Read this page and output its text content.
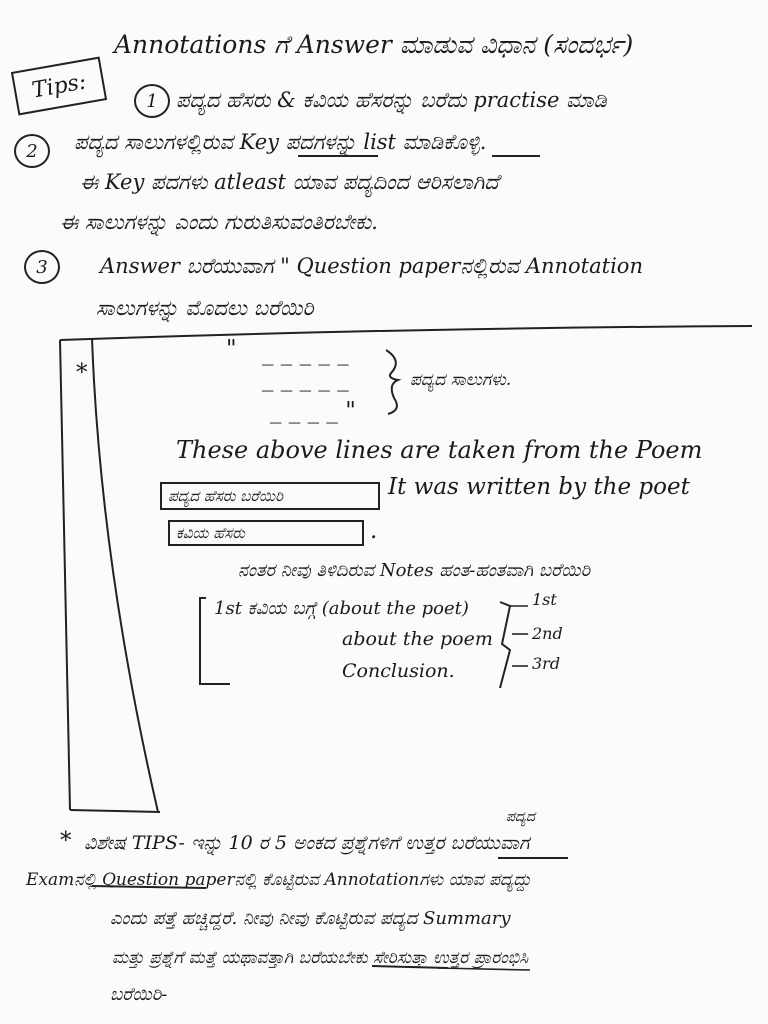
Tips:
Annotations ಗೆ Answer ಮಾಡುವ ವಿಧಾನ (ಸಂದರ್ಭ)
1 ಪದ್ಯದ ಹೆಸರು & ಕವಿಯ ಹೆಸರನ್ನು ಬರೆದು practise ಮಾಡಿ
2	ಪದ್ಯದ ಸಾಲುಗಳಲ್ಲಿರುವ Key ಪದಗಳನ್ನು list ಮಾಡಿಕೊಳ್ಳಿ.
ಈ Key ಪದಗಳು atleast ಯಾವ ಪದ್ಯದಿಂದ ಆರಿಸಲಾಗಿದೆ
ಈ ಸಾಲುಗಳನ್ನು ಎಂದು ಗುರುತಿಸುವಂತಿರಬೇಕು.
3	Answer ಬರೆಯುವಾಗ " Question paperನಲ್ಲಿರುವ Annotation
ಸಾಲುಗಳನ್ನು ಮೊದಲು ಬರೆಯಿರಿ
*
" _ _ _ _ _
_ _ _ _ _
_ _ _ _ "
ಪದ್ಯದ ಸಾಲುಗಳು.
These above lines are taken from the Poem
ಪದ್ಯದ ಹೆಸರು ಬರೆಯಿರಿ	It was written by the poet
ಕವಿಯ ಹೆಸರು	.
ನಂತರ ನೀವು ತಿಳಿದಿರುವ Notes ಹಂತ-ಹಂತವಾಗಿ ಬರೆಯಿರಿ
1st ಕವಿಯ ಬಗ್ಗೆ (about the poet)
about the poem
Conclusion.
1st
2nd
3rd
*
ಪದ್ಯದ
ವಿಶೇಷ TIPS- ಇನ್ನು 10 ರ 5 ಅಂಕದ ಪ್ರಶ್ನೆಗಳಿಗೆ ಉತ್ತರ ಬರೆಯುವಾಗ
Examನಲ್ಲಿ Question paperನಲ್ಲಿ ಕೊಟ್ಟಿರುವ Annotationಗಳು ಯಾವ ಪದ್ಯದ್ದು
ಎಂದು ಪತ್ತೆ ಹಚ್ಚಿದ್ದರೆ. ನೀವು ನೀವು ಕೊಟ್ಟಿರುವ ಪದ್ಯದ Summary
ಮತ್ತು ಪ್ರಶ್ನೆಗೆ ಮತ್ತೆ ಯಥಾವತ್ತಾಗಿ ಬರೆಯಬೇಕು ಸೇರಿಸುತ್ತಾ ಉತ್ತರ ಪ್ರಾರಂಭಿಸಿ
ಬರೆಯಿರಿ-
